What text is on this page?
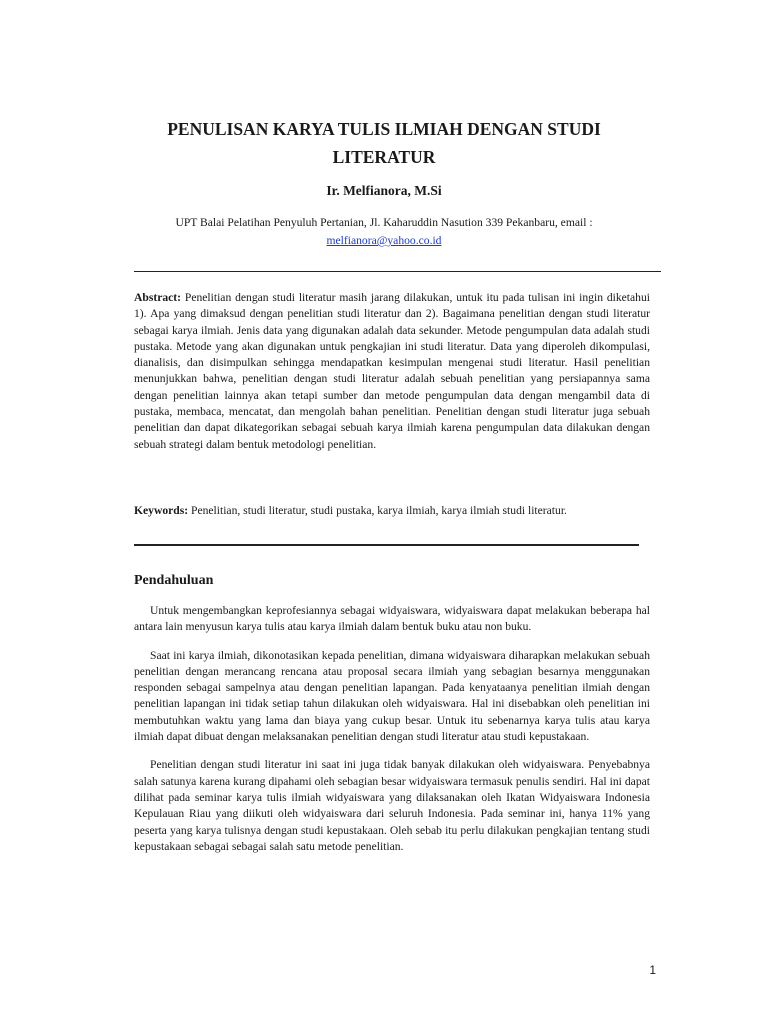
PENULISAN KARYA TULIS ILMIAH DENGAN STUDI LITERATUR
Ir. Melfianora, M.Si
UPT Balai Pelatihan Penyuluh Pertanian, Jl. Kaharuddin Nasution 339 Pekanbaru, email :
melfianora@yahoo.co.id

Abstract: Penelitian dengan studi literatur masih jarang dilakukan, untuk itu pada tulisan ini ingin diketahui 1). Apa yang dimaksud dengan penelitian studi literatur dan 2). Bagaimana penelitian dengan studi literatur sebagai karya ilmiah. Jenis data yang digunakan adalah data sekunder. Metode pengumpulan data adalah studi pustaka. Metode yang akan digunakan untuk pengkajian ini studi literatur. Data yang diperoleh dikompulasi, dianalisis, dan disimpulkan sehingga mendapatkan kesimpulan mengenai studi literatur. Hasil penelitian menunjukkan bahwa, penelitian dengan studi literatur adalah sebuah penelitian yang persiapannya sama dengan penelitian lainnya akan tetapi sumber dan metode pengumpulan data dengan mengambil data di pustaka, membaca, mencatat, dan mengolah bahan penelitian. Penelitian dengan studi literatur juga sebuah penelitian dan dapat dikategorikan sebagai sebuah karya ilmiah karena pengumpulan data dilakukan dengan sebuah strategi dalam bentuk metodologi penelitian.

Keywords: Penelitian, studi literatur, studi pustaka, karya ilmiah, karya ilmiah studi literatur.

Pendahuluan

Untuk mengembangkan keprofesiannya sebagai widyaiswara, widyaiswara dapat melakukan beberapa hal antara lain menyusun karya tulis atau karya ilmiah dalam bentuk buku atau non buku.

Saat ini karya ilmiah, dikonotasikan kepada penelitian, dimana widyaiswara diharapkan melakukan sebuah penelitian dengan merancang rencana atau proposal secara ilmiah yang sebagian besarnya menggunakan responden sebagai sampelnya atau dengan penelitian lapangan. Pada kenyataanya penelitian ilmiah dengan penelitian lapangan ini tidak setiap tahun dilakukan oleh widyaiswara. Hal ini disebabkan oleh penelitian ini membutuhkan waktu yang lama dan biaya yang cukup besar. Untuk itu sebenarnya karya tulis atau karya ilmiah dapat dibuat dengan melaksanakan penelitian dengan studi literatur atau studi kepustakaan.

Penelitian dengan studi literatur ini saat ini juga tidak banyak dilakukan oleh widyaiswara. Penyebabnya salah satunya karena kurang dipahami oleh sebagian besar widyaiswara termasuk penulis sendiri. Hal ini dapat dilihat pada seminar karya tulis ilmiah widyaiswara yang dilaksanakan oleh Ikatan Widyaiswara Indonesia Kepulauan Riau yang diikuti oleh widyaiswara dari seluruh Indonesia. Pada seminar ini, hanya 11% yang peserta yang karya tulisnya dengan studi kepustakaan. Oleh sebab itu perlu dilakukan pengkajian tentang studi kepustakaan sebagai sebagai salah satu metode penelitian.

1
